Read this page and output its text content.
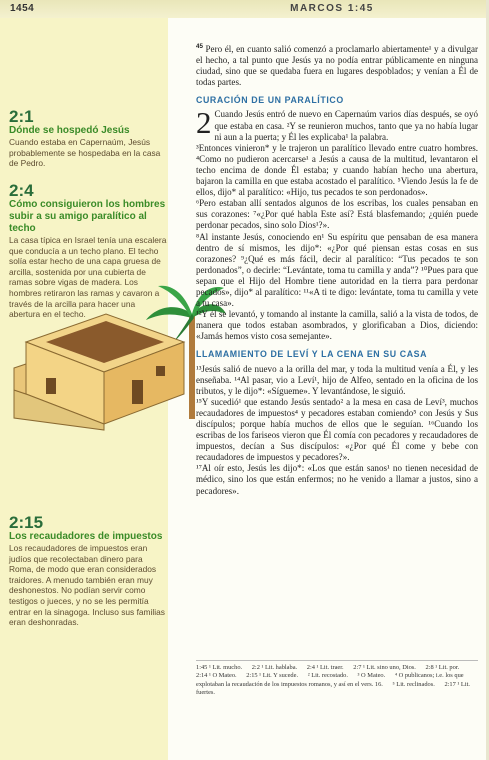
1454	MARCOS 1:45
2:1
Dónde se hospedó Jesús
Cuando estaba en Capernaúm, Jesús probablemente se hospedaba en la casa de Pedro.
2:4
Cómo consiguieron los hombres subir a su amigo paralítico al techo
La casa típica en Israel tenía una escalera que conducía a un techo plano. El techo solía estar hecho de una capa gruesa de arcilla, sostenida por una cubierta de ramas sobre vigas de madera. Los hombres retiraron las ramas y cavaron a través de la arcilla para hacer una abertura en el techo.
2:15
Los recaudadores de impuestos
Los recaudadores de impuestos eran judíos que recolectaban dinero para Roma, de modo que eran considerados traidores. A menudo también eran muy deshonestos. No podían servir como testigos o jueces, y no se les permitía entrar en la sinagoga. Incluso sus familias eran deshonradas.

$^{45}$ Pero él, en cuanto salió comenzó a proclamarlo abiertamente¹ y a divulgar el hecho, a tal punto que Jesús ya no podía entrar públicamente en ninguna ciudad, sino que se quedaba fuera en lugares despoblados; y venían a Él de todas partes.

CURACIÓN DE UN PARALÍTICO

2 Cuando Jesús entró de nuevo en Capernaúm varios días después, se oyó que estaba en casa. ²Y se reunieron muchos, tanto que ya no había lugar ni aun a la puerta; y Él les explicaba¹ la palabra.

³Entonces vinieron* y le trajeron un paralítico llevado entre cuatro hombres. ⁴Como no pudieron acercarse¹ a Jesús a causa de la multitud, levantaron el techo encima de donde Él estaba; y cuando habían hecho una abertura, bajaron la camilla en que estaba acostado el paralítico. ⁵Viendo Jesús la fe de ellos, dijo* al paralítico: «Hijo, tus pecados te son perdonados».

⁶Pero estaban allí sentados algunos de los escribas, los cuales pensaban en sus corazones: ⁷«¿Por qué habla Este así? Está blasfemando; ¿quién puede perdonar pecados, sino solo Dios¹?».

⁸Al instante Jesús, conociendo en¹ Su espíritu que pensaban de esa manera dentro de sí mismos, les dijo*: «¿Por qué piensan estas cosas en sus corazones? ⁹¿Qué es más fácil, decir al paralítico: “Tus pecados te son perdonados”, o decirle: “Levántate, toma tu camilla y anda”? ¹⁰Pues para que sepan que el Hijo del Hombre tiene autoridad en la tierra para perdonar pecados», dijo* al paralítico: ¹¹«A ti te digo: levántate, toma tu camilla y vete a tu casa».

¹²Y él se levantó, y tomando al instante la camilla, salió a la vista de todos, de manera que todos estaban asombrados, y glorificaban a Dios, diciendo: «Jamás hemos visto cosa semejante».

LLAMAMIENTO DE LEVÍ Y LA CENA EN SU CASA

¹³Jesús salió de nuevo a la orilla del mar, y toda la multitud venía a Él, y les enseñaba. ¹⁴Al pasar, vio a Leví¹, hijo de Alfeo, sentado en la oficina de los tributos, y le dijo*: «Sígueme». Y levantándose, le siguió.

¹⁵Y sucedió¹ que estando Jesús sentado² a la mesa en casa de Leví³, muchos recaudadores de impuestos⁴ y pecadores estaban comiendo⁵ con Jesús y Sus discípulos; porque había muchos de ellos que le seguían. ¹⁶Cuando los escribas de los fariseos vieron que Él comía con pecadores y recaudadores de impuestos, decían a Sus discípulos: «¿Por qué Él come y bebe con recaudadores de impuestos y pecadores?».

¹⁷Al oír esto, Jesús les dijo*: «Los que están sanos¹ no tienen necesidad de médico, sino los que están enfermos; no he venido a llamar a justos, sino a pecadores».

1:45 ¹ Lit. mucho. 2:2 ¹ Lit. hablaba. 2:4 ¹ Lit. traer. 2:7 ¹ Lit. sino uno, Dios. 2:8 ¹ Lit. por. 2:14 ¹ O Mateo. 2:15 ¹ Lit. Y sucede. ² Lit. recostado. ³ O Mateo. ⁴ O publicanos; i.e. los que explotaban la recaudación de los impuestos romanos, y así en el vers. 16. ⁵ Lit. reclinados. 2:17 ¹ Lit. fuertes.
